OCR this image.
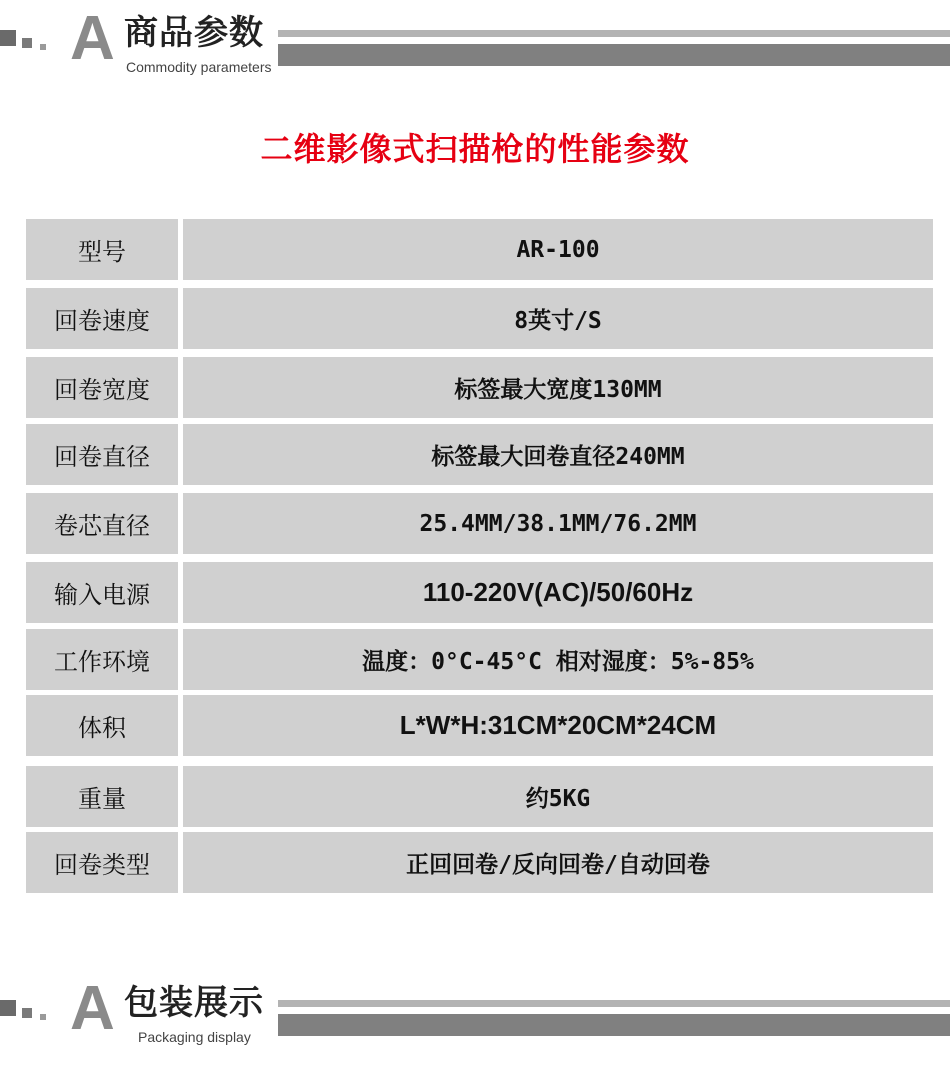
A 商品参数
Commodity parameters
二维影像式扫描枪的性能参数
型号	AR-100
回卷速度	8英寸/S
回卷宽度	标签最大宽度130MM
回卷直径	标签最大回卷直径240MM
卷芯直径	25.4MM/38.1MM/76.2MM
输入电源	110-220V(AC)/50/60Hz
工作环境	温度：0°C-45°C 相对湿度：5%-85%
体积	L*W*H:31CM*20CM*24CM
重量	约5KG
回卷类型	正回回卷/反向回卷/自动回卷
A 包装展示
Packaging display
